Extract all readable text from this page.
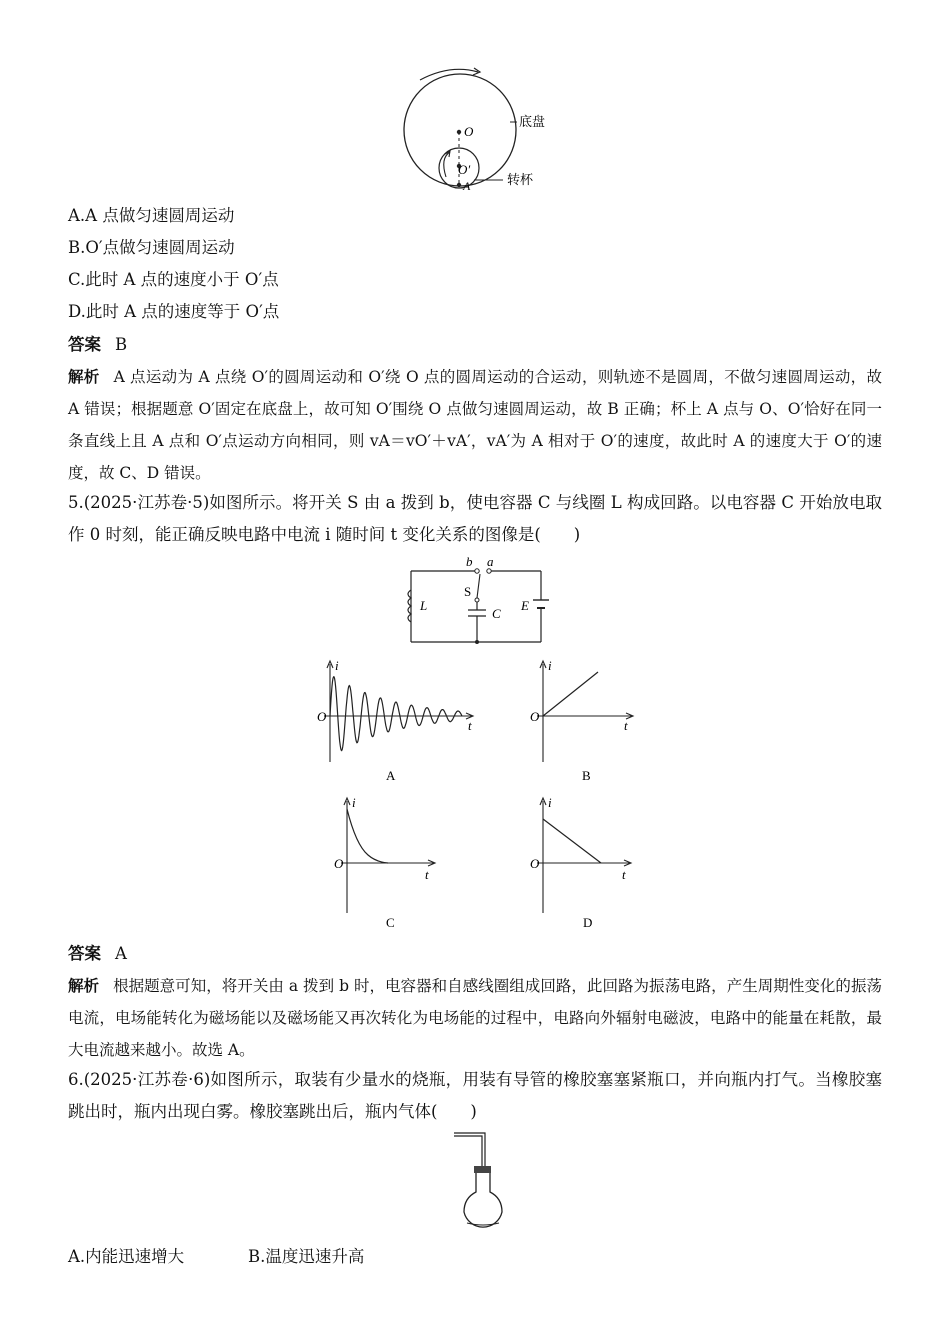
O
O′
A
底盘
转杯
A.A 点做匀速圆周运动
B.O′点做匀速圆周运动
C.此时 A 点的速度小于 O′点
D.此时 A 点的速度等于 O′点
答案 B
解析 A 点运动为 A 点绕 O′的圆周运动和 O′绕 O 点的圆周运动的合运动，则轨迹不是圆周，不做匀速圆周运动，故 A 错误；根据题意 O′固定在底盘上，故可知 O′围绕 O 点做匀速圆周运动，故 B 正确；杯上 A 点与 O、O′恰好在同一条直线上且 A 点和 O′点运动方向相同，则 vA＝vO′＋vA′，vA′为 A 相对于 O′的速度，故此时 A 的速度大于 O′的速度，故 C、D 错误。
5.(2025·江苏卷·5)如图所示。将开关 S 由 a 拨到 b，使电容器 C 与线圈 L 构成回路。以电容器 C 开始放电取作 0 时刻，能正确反映电路中电流 i 随时间 t 变化关系的图像是(　　)
b a
S
C
L	E
i
O
t
A
i
O
t
B
i
O
t
C
i
O
t
D
答案 A
解析 根据题意可知，将开关由 a 拨到 b 时，电容器和自感线圈组成回路，此回路为振荡电路，产生周期性变化的振荡电流，电场能转化为磁场能以及磁场能又再次转化为电场能的过程中，电路向外辐射电磁波，电路中的能量在耗散，最大电流越来越小。故选 A。
6.(2025·江苏卷·6)如图所示，取装有少量水的烧瓶，用装有导管的橡胶塞塞紧瓶口，并向瓶内打气。当橡胶塞跳出时，瓶内出现白雾。橡胶塞跳出后，瓶内气体(　　)
A.内能迅速增大	B.温度迅速升高
